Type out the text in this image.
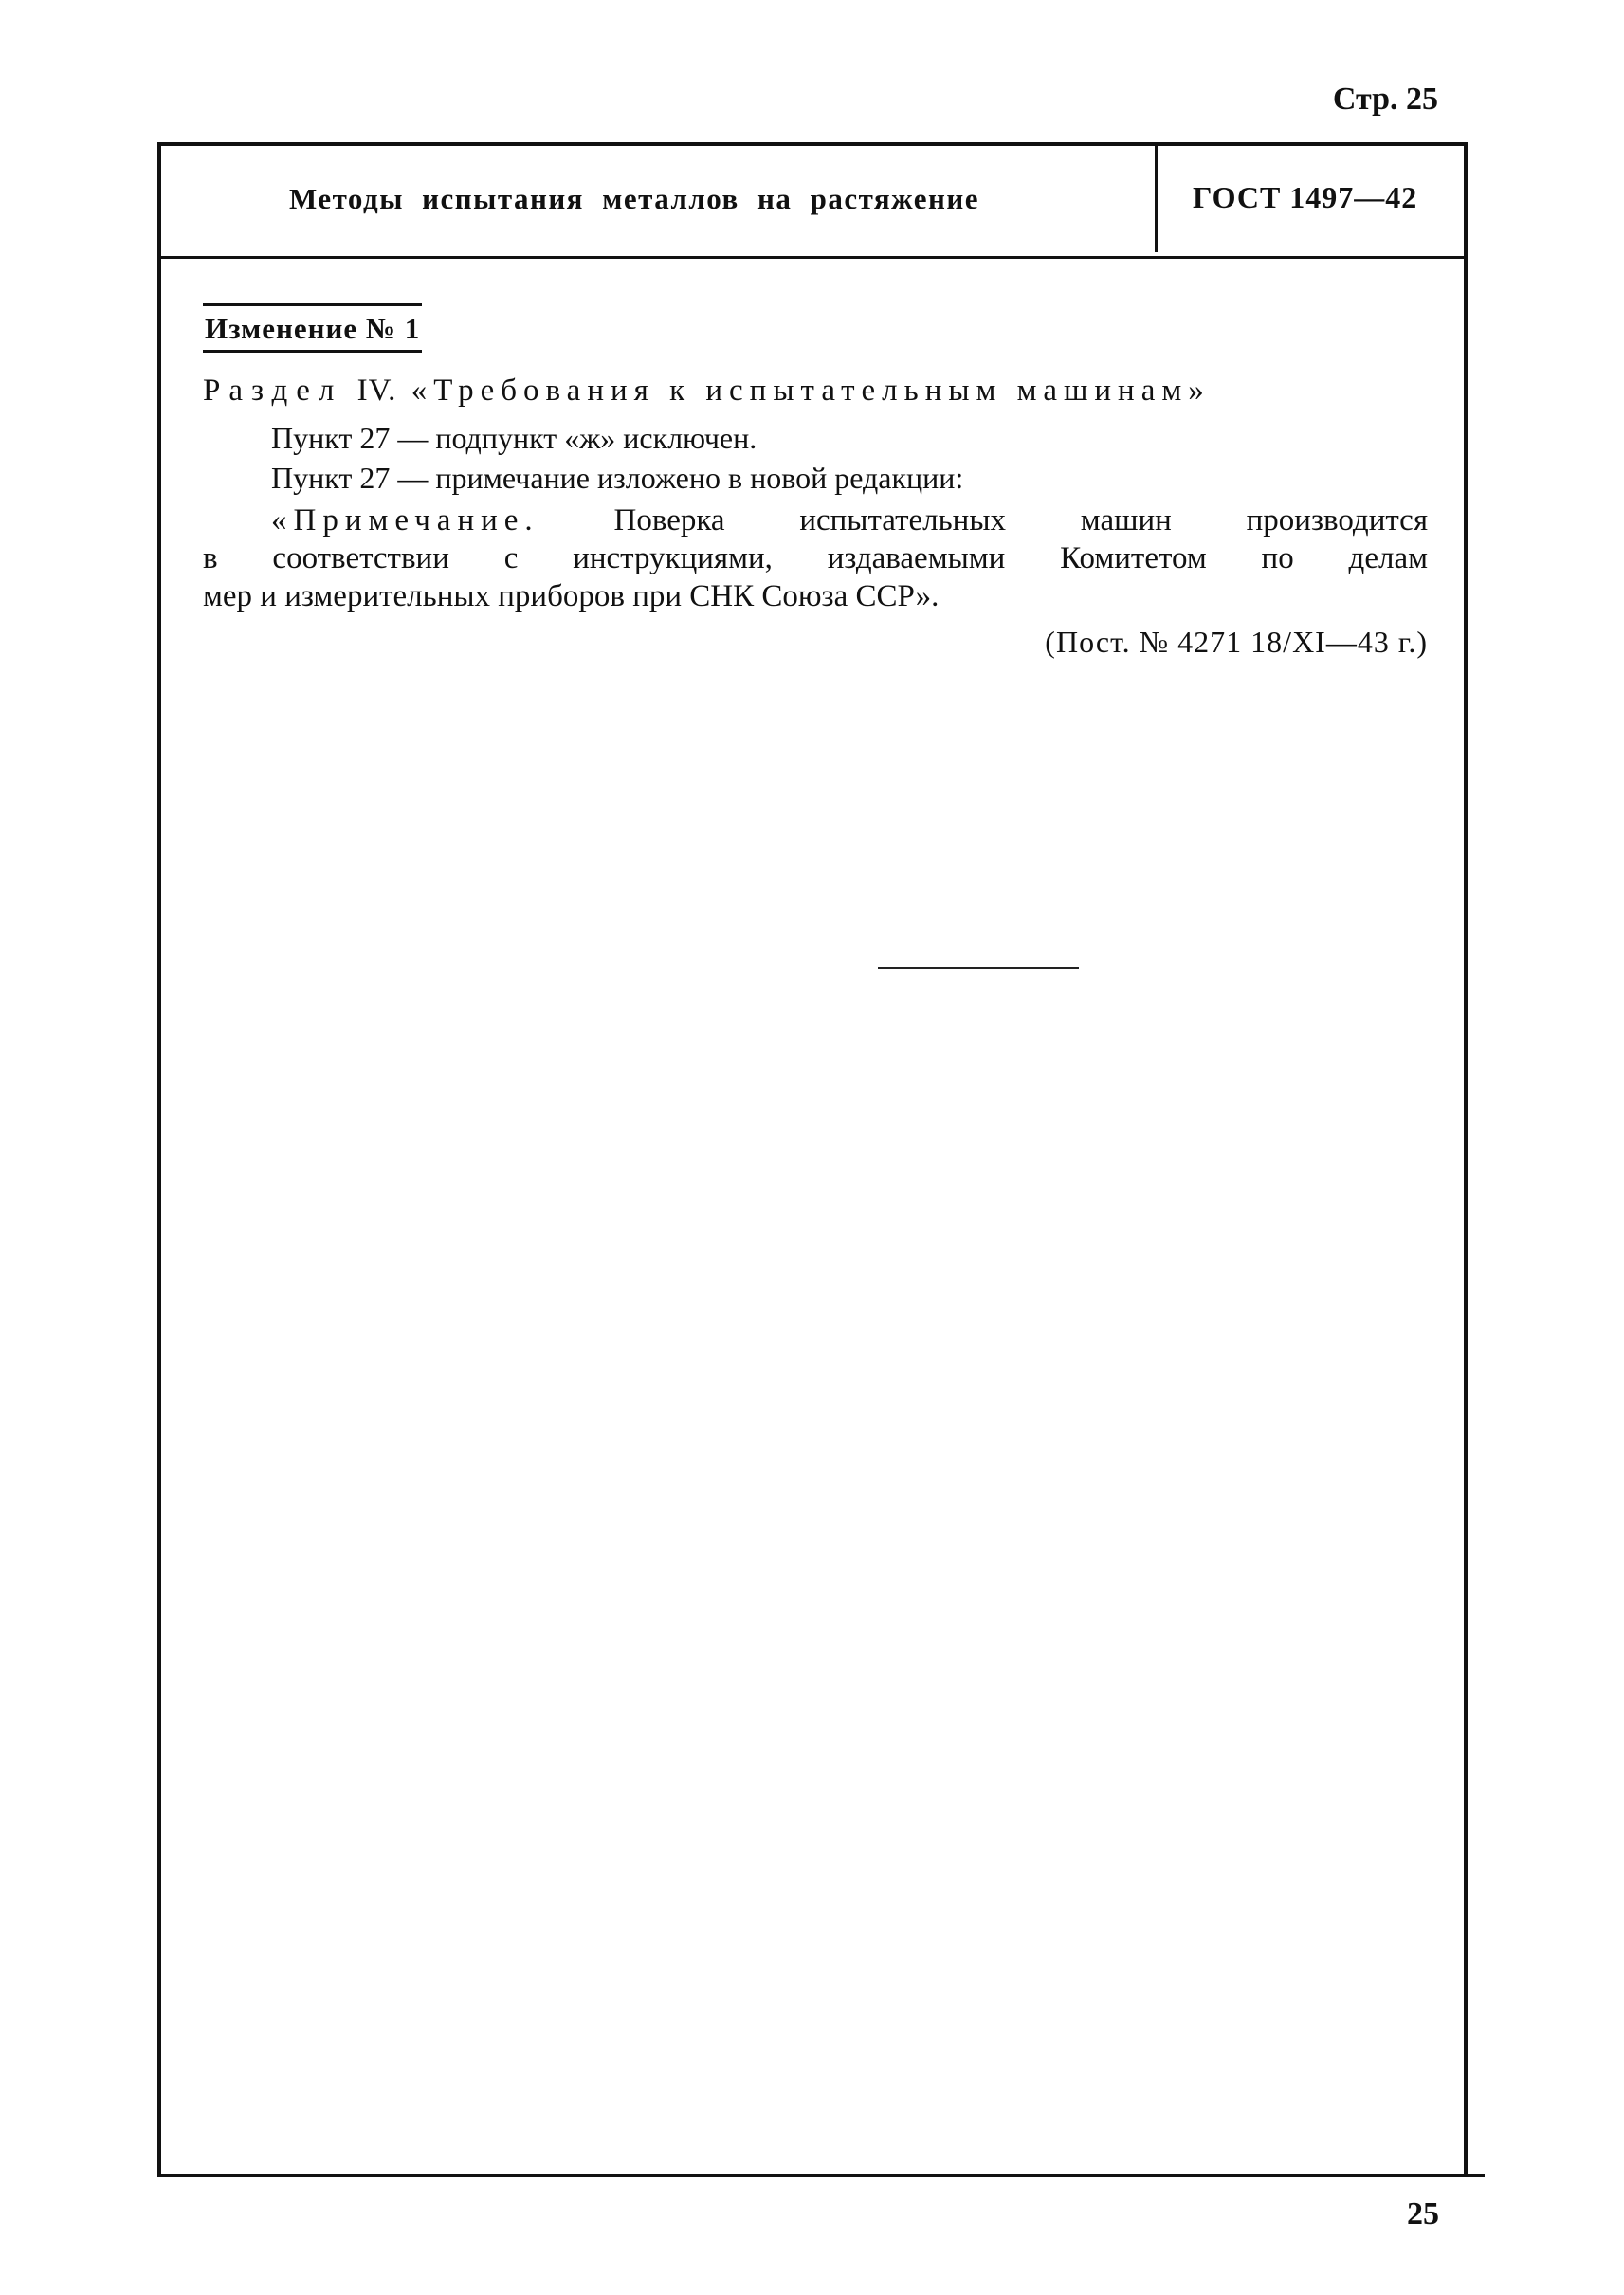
Стр. 25
Методы испытания металлов на растяжение	ГОСТ 1497—42
Изменение № 1
Раздел IV. «Требования к испытательным машинам»
Пункт 27 — подпункт «ж» исключен.
Пункт 27 — примечание изложено в новой редакции:
«Примечание. Поверка испытательных машин производится
в соответствии с инструкциями, издаваемыми Комитетом по делам
мер и измерительных приборов при СНК Союза ССР».
(Пост. № 4271 18/XI—43 г.)
25
